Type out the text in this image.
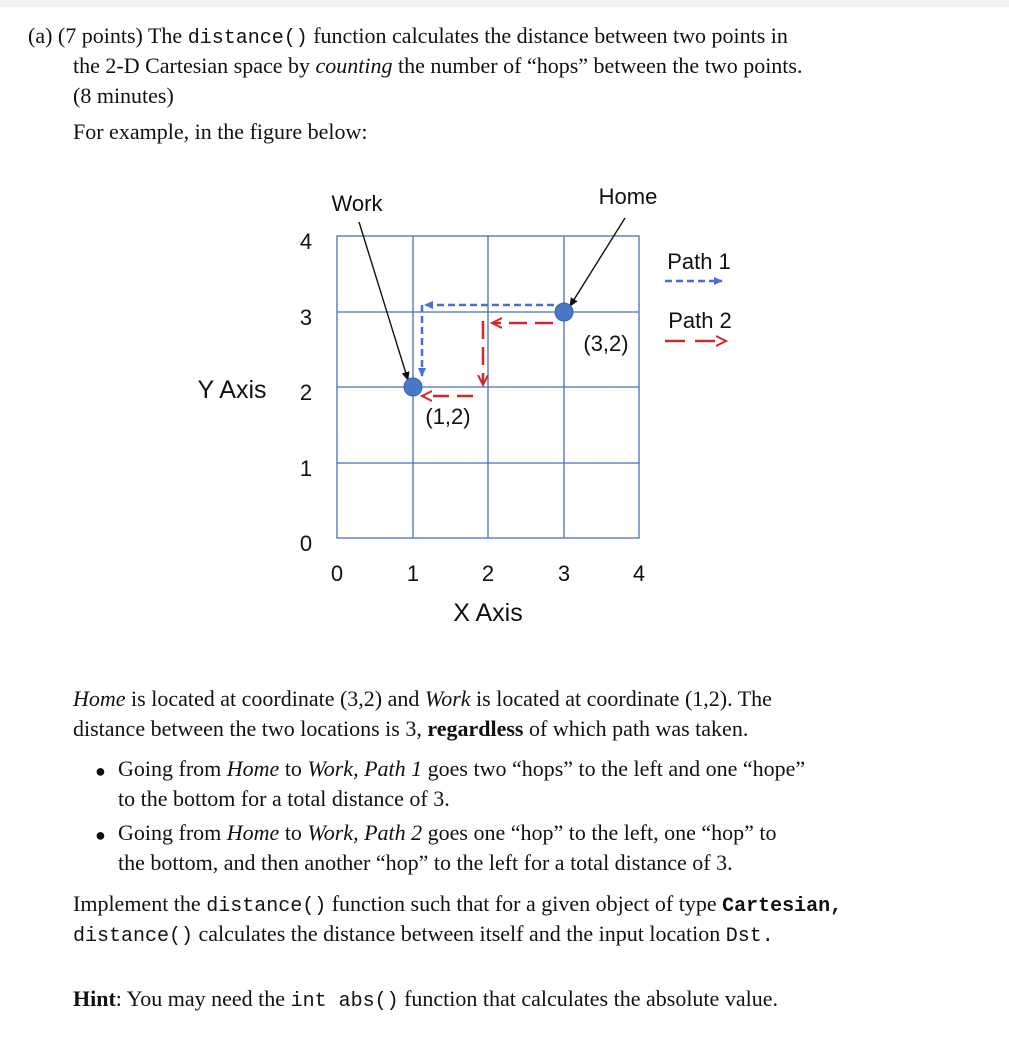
(a) (7 points) The distance() function calculates the distance between two points in
the 2-D Cartesian space by counting the number of “hops” between the two points.
(8 minutes)
For example, in the figure below:
4
3
2
1
0
Y Axis
0	1	2	3	4
X Axis
Work	Home
(1,2)
(3,2)
Path 1
Path 2
Home is located at coordinate (3,2) and Work is located at coordinate (1,2). The
distance between the two locations is 3, regardless of which path was taken.
● Going from Home to Work, Path 1 goes two “hops” to the left and one “hope”
to the bottom for a total distance of 3.
● Going from Home to Work, Path 2 goes one “hop” to the left, one “hop” to
the bottom, and then another “hop” to the left for a total distance of 3.
Implement the distance() function such that for a given object of type Cartesian,
distance() calculates the distance between itself and the input location Dst.
Hint: You may need the int abs() function that calculates the absolute value.
